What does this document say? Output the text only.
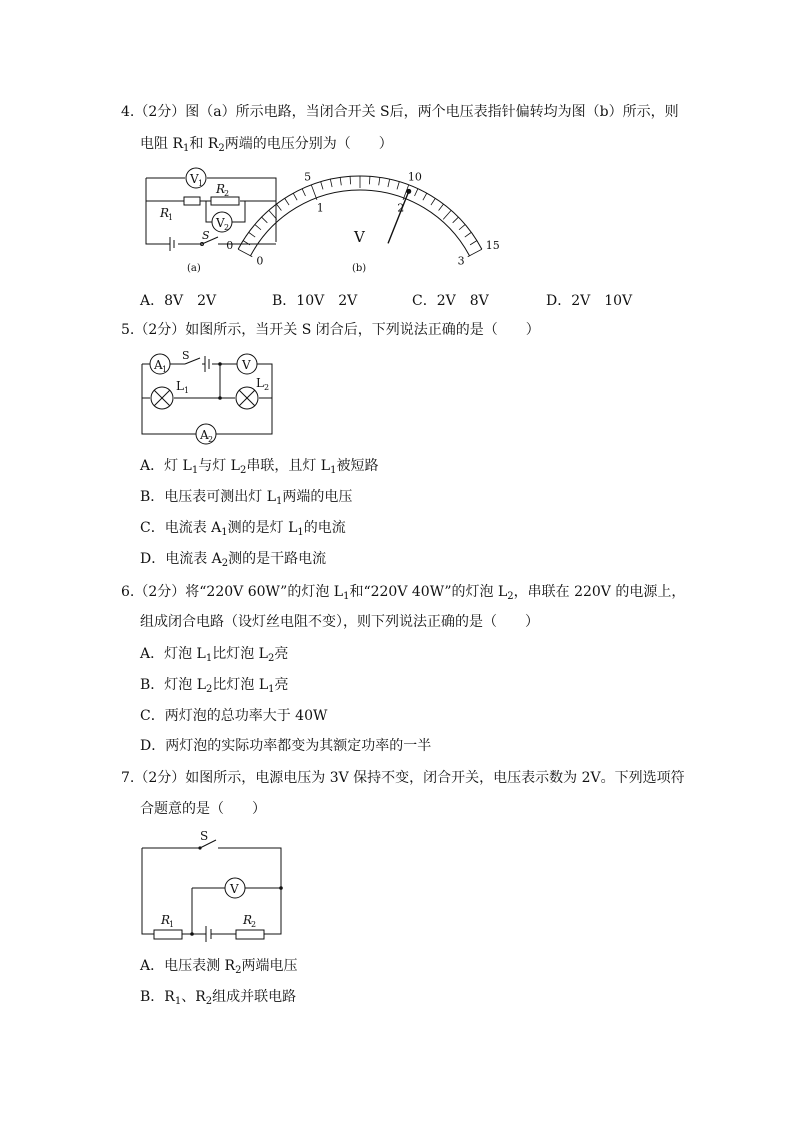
4.（2分）图（a）所示电路，当闭合开关 S后，两个电压表指针偏转均为图（b）所示，则
电阻 $R_1$和 $R_2$两端的电压分别为（　　）
V 1
R
1
R
2
V 2
S
(a)	(b)
V
0
5	10
15
0
1	2
3
A．8V　2V	B．10V　2V	C．2V　8V	D．2V　10V
5.（2分）如图所示，当开关 S 闭合后，下列说法正确的是（　　）
A 1	V
S
L 1
L 2
A 2
A．灯 $L_1$与灯 $L_2$串联，且灯 $L_1$被短路
B．电压表可测出灯 $L_1$两端的电压
C．电流表 $A_1$测的是灯 $L_1$的电流
D．电流表 $A_2$测的是干路电流
6.（2分）将“220V 60W”的灯泡 $L_1$和“220V 40W”的灯泡 $L_2$，串联在 220V 的电源上，
组成闭合电路（设灯丝电阻不变），则下列说法正确的是（　　）
A．灯泡 $L_1$比灯泡 $L_2$亮
B．灯泡 $L_2$比灯泡 $L_1$亮
C．两灯泡的总功率大于 40W
D．两灯泡的实际功率都变为其额定功率的一半
7.（2分）如图所示，电源电压为 3V 保持不变，闭合开关，电压表示数为 2V。下列选项符
合题意的是（　　）
S
V
R
1	R
2
A．电压表测 $R_2$两端电压
B．$R_1$、$R_2$组成并联电路
